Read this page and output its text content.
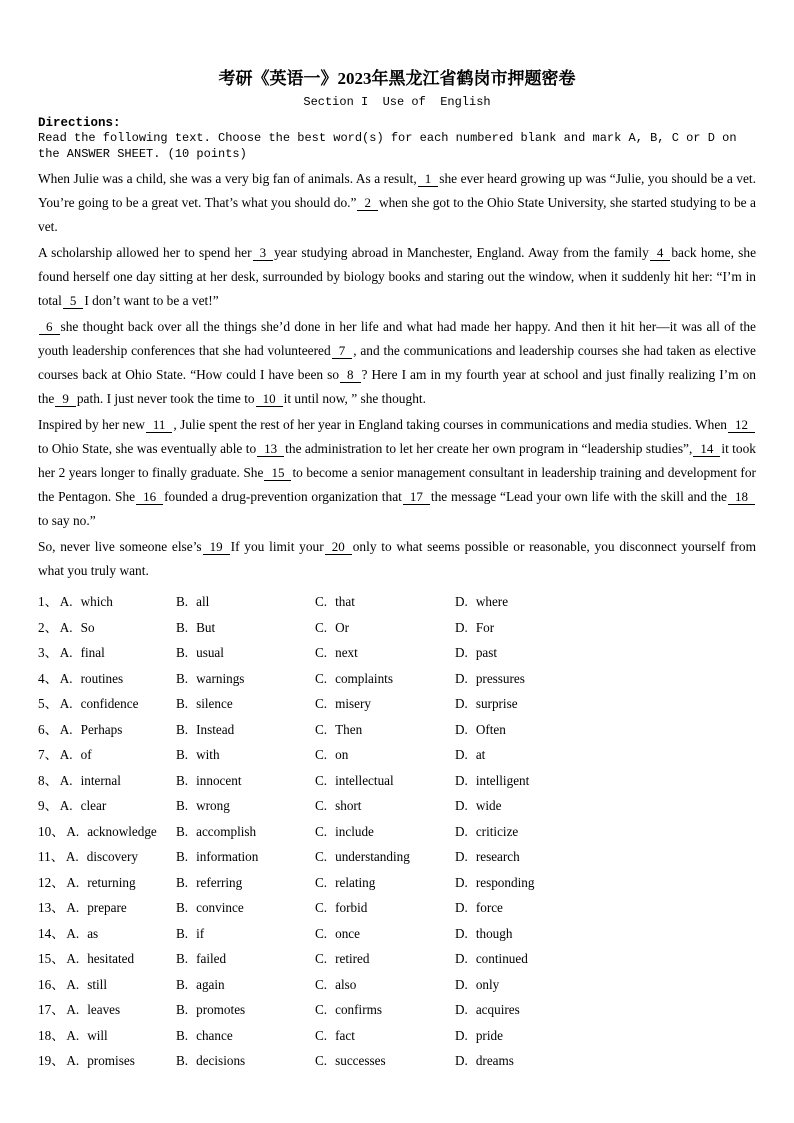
考研《英语一》2023年黑龙江省鹤岗市押题密卷
Section I  Use of  English
Directions:
Read the following text. Choose the best word(s) for each numbered blank and mark A, B, C or D on the ANSWER SHEET. (10 points)

When Julie was a child, she was a very big fan of animals. As a result, 1 she ever heard growing up was “Julie, you should be a vet. You’re going to be a great vet. That’s what you should do.” 2 when she got to the Ohio State University, she started studying to be a vet.

A scholarship allowed her to spend her 3 year studying abroad in Manchester, England. Away from the family 4 back home, she found herself one day sitting at her desk, surrounded by biology books and staring out the window, when it suddenly hit her: “I’m in total 5 I don’t want to be a vet!”

6 she thought back over all the things she’d done in her life and what had made her happy. And then it hit her—it was all of the youth leadership conferences that she had volunteered 7 , and the communications and leadership courses she had taken as elective courses back at Ohio State. “How could I have been so 8 ? Here I am in my fourth year at school and just finally realizing I’m on the 9 path. I just never took the time to 10 it until now, ” she thought.

Inspired by her new 11 , Julie spent the rest of her year in England taking courses in communications and media studies. When 12to Ohio State, she was eventually able to 13 the administration to let her create her own program in “leadership studies”, 14 it took her 2 years longer to finally graduate. She 15 to become a senior management consultant in leadership training and development for the Pentagon. She 16 founded a drug-prevention organization that 17 the message “Lead your own life with the skill and the 18to say no.”

So, never live someone else’s 19 If you limit your 20 only to what seems possible or reasonable, you disconnect yourself from what you truly want.

1、 A. which	B. all	C. that	D. where
2、 A. So	B. But	C. Or	D. For
3、 A. final	B. usual	C. next	D. past
4、 A. routines	B. warnings	C. complaints	D. pressures
5、 A. confidence	B. silence	C. misery	D. surprise
6、 A. Perhaps	B. Instead	C. Then	D. Often
7、 A. of	B. with	C. on	D. at
8、 A. internal	B. innocent	C. intellectual	D. intelligent
9、 A. clear	B. wrong	C. short	D. wide
10、 A. acknowledge	B. accomplish	C. include	D. criticize
11、 A. discovery	B. information	C. understanding	D. research
12、 A. returning	B. referring	C. relating	D. responding
13、 A. prepare	B. convince	C. forbid	D. force
14、 A. as	B. if	C. once	D. though
15、 A. hesitated	B. failed	C. retired	D. continued
16、 A. still	B. again	C. also	D. only
17、 A. leaves	B. promotes	C. confirms	D. acquires
18、 A. will	B. chance	C. fact	D. pride
19、 A. promises	B. decisions	C. successes	D. dreams
